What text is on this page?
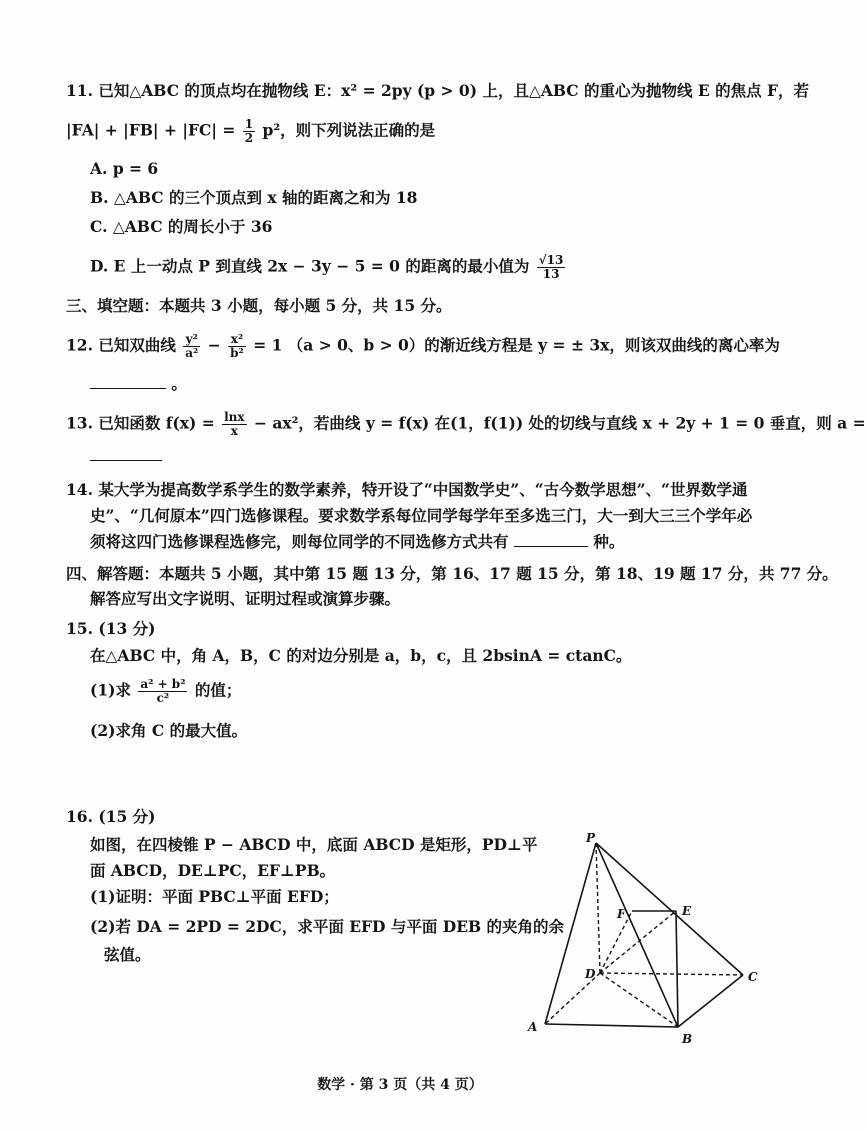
11. 已知△ABC 的顶点均在抛物线 E：x² = 2py (p > 0) 上，且△ABC 的重心为抛物线 E 的焦点 F，若
$|FA| + |FB| + |FC| = \frac{1}{2} p^2$，则下列说法正确的是
A. p = 6
B. △ABC 的三个顶点到 x 轴的距离之和为 18
C. △ABC 的周长小于 36
D. E 上一动点 P 到直线 2x − 3y − 5 = 0 的距离的最小值为 $\frac{√13}{13}$
三、填空题：本题共 3 小题，每小题 5 分，共 15 分。
12. 已知双曲线 $\frac{\text{y²}}{\text{a²}} - \frac{\text{x²}}{\text{b²}} = 1$ （a > 0、b > 0）的渐近线方程是 y = ± 3x，则该双曲线的离心率为
。
13. 已知函数 $f(x) = \frac{\ln x}{x} - ax^2$，若曲线 y = f(x) 在(1，f(1)) 处的切线与直线 x + 2y + 1 = 0 垂直，则 a =
14. 某大学为提高数学系学生的数学素养，特开设了“中国数学史”、“古今数学思想”、“世界数学通
史”、“几何原本”四门选修课程。要求数学系每位同学每学年至多选三门，大一到大三三个学年必
须将这四门选修课程选修完，则每位同学的不同选修方式共有	种。
四、解答题：本题共 5 小题，其中第 15 题 13 分，第 16、17 题 15 分，第 18、19 题 17 分，共 77 分。
解答应写出文字说明、证明过程或演算步骤。
15. (13 分)
在△ABC 中，角 A，B，C 的对边分别是 a，b，c，且 2bsinA = ctanC。
(1)求 $\frac{\text{a² + b²}}{\text{c²}}$ 的值；
(2)求角 C 的最大值。
16. (15 分)
如图，在四棱锥 P − ABCD 中，底面 ABCD 是矩形，PD⊥平
面 ABCD，DE⊥PC，EF⊥PB。
(1)证明：平面 PBC⊥平面 EFD；
(2)若 DA = 2PD = 2DC，求平面 EFD 与平面 DEB 的夹角的余
弦值。
P
F	E
D	C
A
B
数学 · 第 3 页（共 4 页）
